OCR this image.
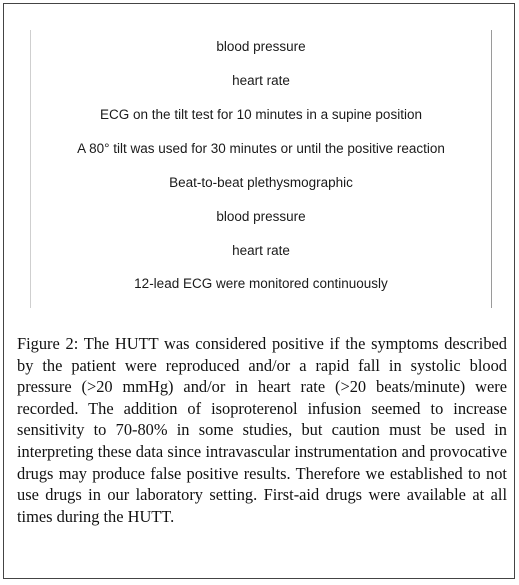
blood pressure
heart rate
ECG on the tilt test for 10 minutes in a supine position
A 80° tilt was used for 30 minutes or until the positive reaction
Beat-to-beat plethysmographic
blood pressure
heart rate
12-lead ECG were monitored continuously
Figure 2: The HUTT was considered positive if the symptoms described by the patient were reproduced and/or a rapid fall in systolic blood pressure (>20 mmHg) and/or in heart rate (>20 beats/minute) were recorded. The addition of isoproterenol infusion seemed to increase sensitivity to 70-80% in some studies, but caution must be used in interpreting these data since intravascular instrumentation and provocative drugs may produce false positive results. Therefore we established to not use drugs in our laboratory setting. First-aid drugs were available at all times during the HUTT.
